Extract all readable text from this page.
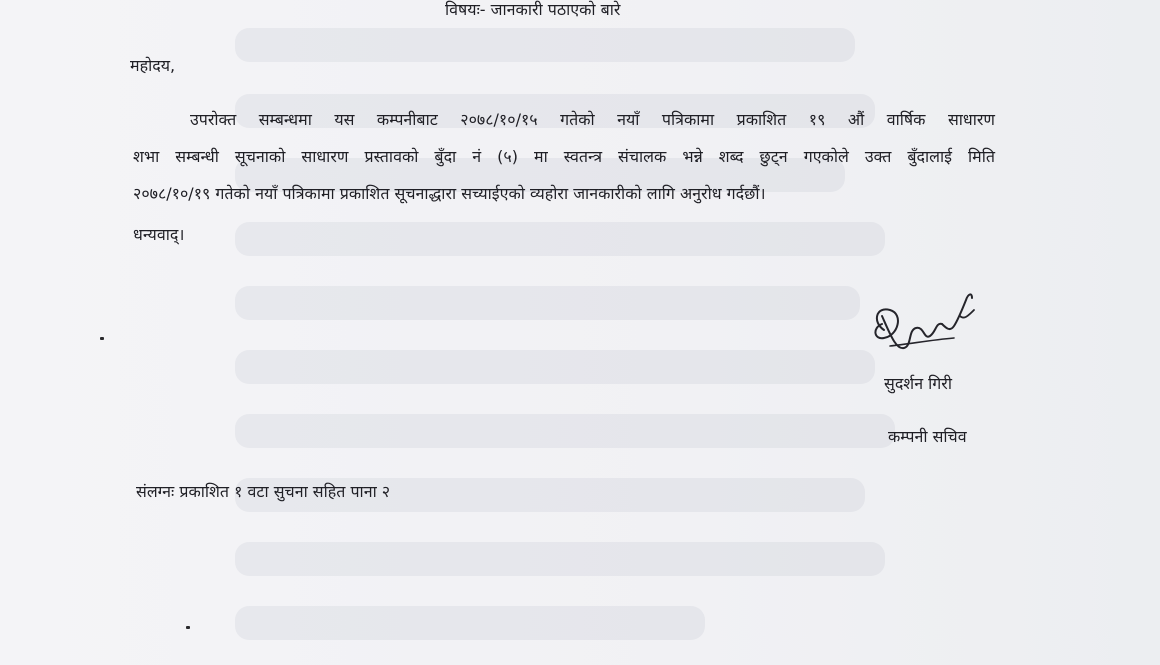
विषयः- जानकारी पठाएको बारे
महोदय,
उपरोक्त सम्बन्धमा यस कम्पनीबाट २०७८/१०/१५ गतेको नयाँ पत्रिकामा प्रकाशित १९ औं वार्षिक साधारण
शभा सम्बन्धी सूचनाको साधारण प्रस्तावको बुँदा नं (५) मा स्वतन्त्र संचालक भन्ने शब्द छुट्न गएकोले उक्त बुँदालाई मिति
२०७८/१०/१९ गतेको नयाँ पत्रिकामा प्रकाशित सूचनाद्धारा सच्याईएको व्यहोरा जानकारीको लागि अनुरोध गर्दछौं।
धन्यवाद्।
सुदर्शन गिरी
कम्पनी सचिव
संलग्नः प्रकाशित १ वटा सुचना सहित पाना २
